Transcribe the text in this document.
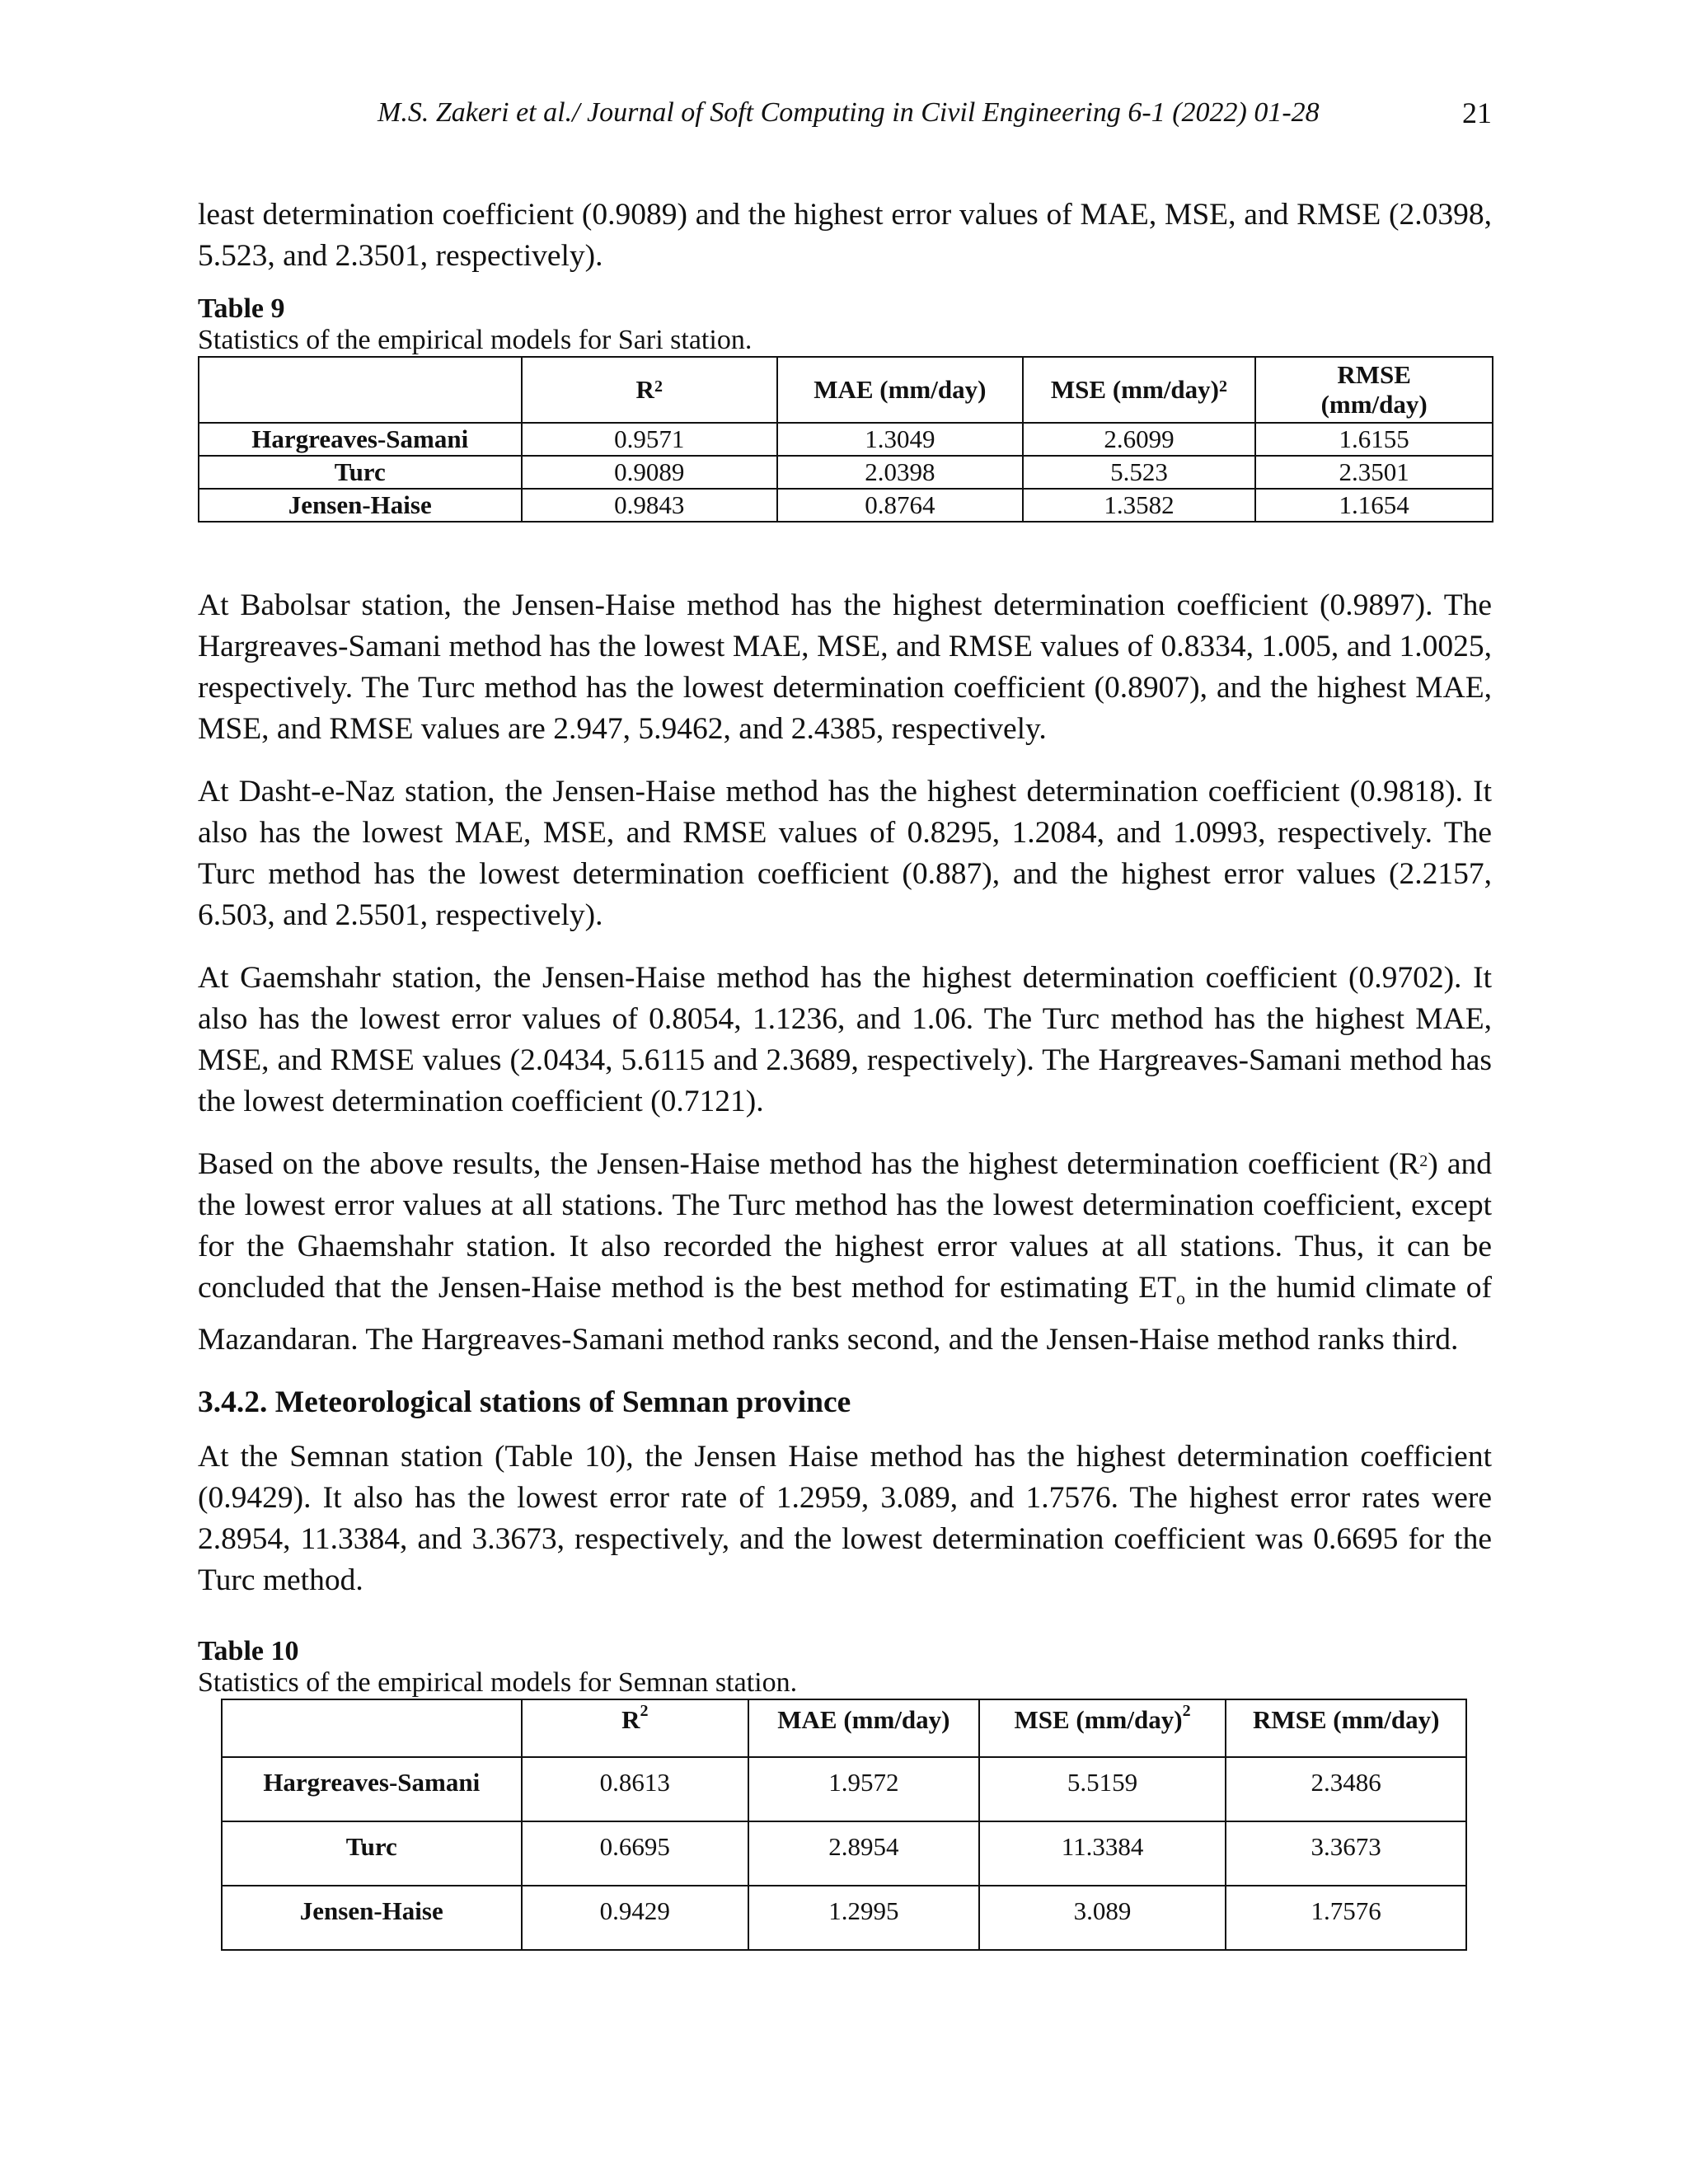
M.S. Zakeri et al./ Journal of Soft Computing in Civil Engineering 6-1 (2022) 01-28	21

least determination coefficient (0.9089) and the highest error values of MAE, MSE, and RMSE (2.0398, 5.523, and 2.3501, respectively).

Table 9
Statistics of the empirical models for Sari station.
	$R^2$	MAE (mm/day)	MSE $(mm/day)^2$	RMSE
(mm/day)
Hargreaves-Samani	0.9571	1.3049	2.6099	1.6155
Turc	0.9089	2.0398	5.523	2.3501
Jensen-Haise	0.9843	0.8764	1.3582	1.1654

At Babolsar station, the Jensen-Haise method has the highest determination coefficient (0.9897). The Hargreaves-Samani method has the lowest MAE, MSE, and RMSE values of 0.8334, 1.005, and 1.0025, respectively. The Turc method has the lowest determination coefficient (0.8907), and the highest MAE, MSE, and RMSE values are 2.947, 5.9462, and 2.4385, respectively.

At Dasht-e-Naz station, the Jensen-Haise method has the highest determination coefficient (0.9818). It also has the lowest MAE, MSE, and RMSE values of 0.8295, 1.2084, and 1.0993, respectively. The Turc method has the lowest determination coefficient (0.887), and the highest error values (2.2157, 6.503, and 2.5501, respectively).

At Gaemshahr station, the Jensen-Haise method has the highest determination coefficient (0.9702). It also has the lowest error values of 0.8054, 1.1236, and 1.06. The Turc method has the highest MAE, MSE, and RMSE values (2.0434, 5.6115 and 2.3689, respectively). The Hargreaves-Samani method has the lowest determination coefficient (0.7121).

Based on the above results, the Jensen-Haise method has the highest determination coefficient $(R^2)$ and the lowest error values at all stations. The Turc method has the lowest determination coefficient, except for the Ghaemshahr station. It also recorded the highest error values at all stations. Thus, it can be concluded that the Jensen-Haise method is the best method for estimating $ET_o$ in the humid climate of Mazandaran. The Hargreaves-Samani method ranks second, and the Jensen-Haise method ranks third.

3.4.2. Meteorological stations of Semnan province

At the Semnan station (Table 10), the Jensen Haise method has the highest determination coefficient (0.9429). It also has the lowest error rate of 1.2959, 3.089, and 1.7576. The highest error rates were 2.8954, 11.3384, and 3.3673, respectively, and the lowest determination coefficient was 0.6695 for the Turc method.

Table 10
Statistics of the empirical models for Semnan station.
	$R^2$	MAE (mm/day)	MSE $(mm/day)^2$	RMSE (mm/day)
Hargreaves-Samani	0.8613	1.9572	5.5159	2.3486
Turc	0.6695	2.8954	11.3384	3.3673
Jensen-Haise	0.9429	1.2995	3.089	1.7576
